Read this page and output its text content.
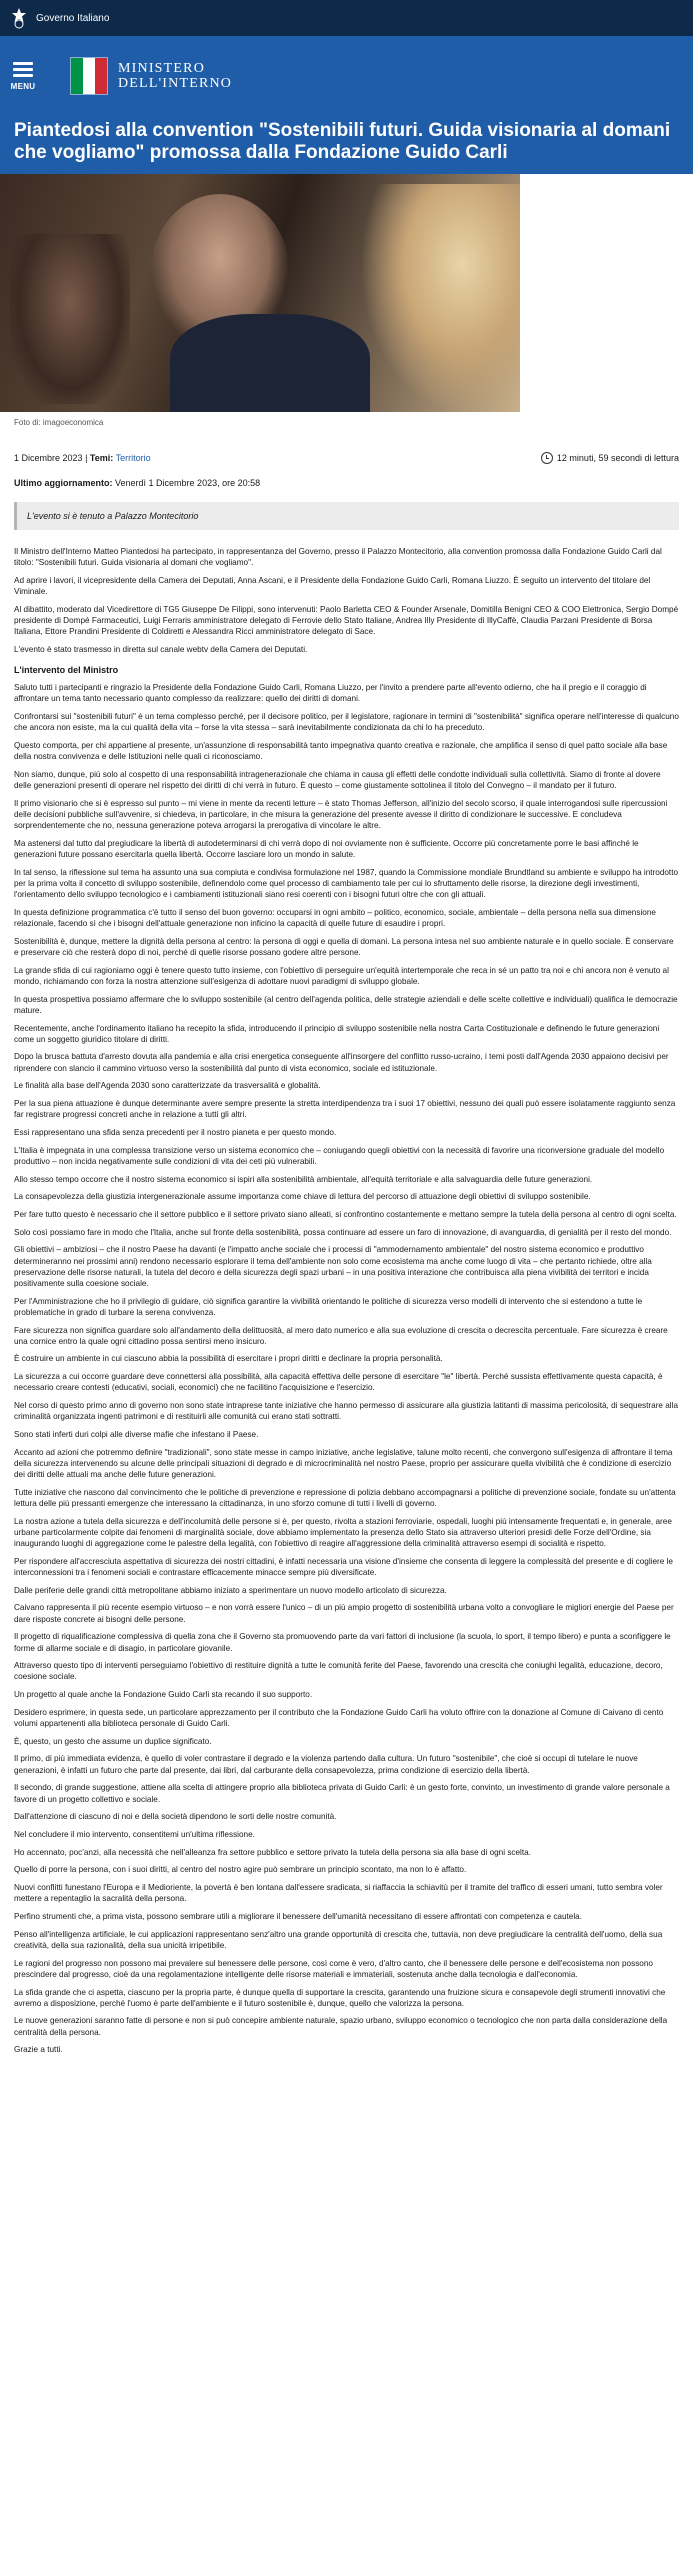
Governo Italiano
MENU
MINISTERO
DELL'INTERNO
Piantedosi alla convention "Sostenibili futuri. Guida visionaria al domani che vogliamo" promossa dalla Fondazione Guido Carli
Foto di: imagoeconomica
1 Dicembre 2023 | Temi: Territorio	12 minuti, 59 secondi di lettura
Ultimo aggiornamento: Venerdì 1 Dicembre 2023, ore 20:58
L'evento si è tenuto a Palazzo Montecitorio

Il Ministro dell'Interno Matteo Piantedosi ha partecipato, in rappresentanza del Governo, presso il Palazzo Montecitorio, alla convention promossa dalla Fondazione Guido Carli dal titolo: "Sostenibili futuri. Guida visionaria al domani che vogliamo".

Ad aprire i lavori, il vicepresidente della Camera dei Deputati, Anna Ascani, e il Presidente della Fondazione Guido Carli, Romana Liuzzo. È seguito un intervento del titolare del Viminale.

Al dibattito, moderato dal Vicedirettore di TG5 Giuseppe De Filippi, sono intervenuti: Paolo Barletta CEO & Founder Arsenale, Domitilla Benigni CEO & COO Elettronica, Sergio Dompé presidente di Dompé Farmaceutici, Luigi Ferraris amministratore delegato di Ferrovie dello Stato Italiane, Andrea Illy Presidente di IllyCaffè, Claudia Parzani Presidente di Borsa Italiana, Ettore Prandini Presidente di Coldiretti e Alessandra Ricci amministratore delegato di Sace.

L'evento è stato trasmesso in diretta sul canale webtv della Camera dei Deputati.

L'intervento del Ministro

Saluto tutti i partecipanti e ringrazio la Presidente della Fondazione Guido Carli, Romana Liuzzo, per l'invito a prendere parte all'evento odierno, che ha il pregio e il coraggio di affrontare un tema tanto necessario quanto complesso da realizzare: quello dei diritti di domani.

Confrontarsi sui "sostenibili futuri" è un tema complesso perché, per il decisore politico, per il legislatore, ragionare in termini di "sostenibilità" significa operare nell'interesse di qualcuno che ancora non esiste, ma la cui qualità della vita – forse la vita stessa – sarà inevitabilmente condizionata da chi lo ha preceduto.

Questo comporta, per chi appartiene al presente, un'assunzione di responsabilità tanto impegnativa quanto creativa e razionale, che amplifica il senso di quel patto sociale alla base della nostra convivenza e delle Istituzioni nelle quali ci riconosciamo.

Non siamo, dunque, più solo al cospetto di una responsabilità intragenerazionale che chiama in causa gli effetti delle condotte individuali sulla collettività. Siamo di fronte al dovere delle generazioni presenti di operare nel rispetto dei diritti di chi verrà in futuro. È questo – come giustamente sottolinea il titolo del Convegno – il mandato per il futuro.

Il primo visionario che si è espresso sul punto – mi viene in mente da recenti letture – è stato Thomas Jefferson, all'inizio del secolo scorso, il quale interrogandosi sulle ripercussioni delle decisioni pubbliche sull'avvenire, si chiedeva, in particolare, in che misura la generazione del presente avesse il diritto di condizionare le successive. E concludeva sorprendentemente che no, nessuna generazione poteva arrogarsi la prerogativa di vincolare le altre.

Ma astenersi dal tutto dal pregiudicare la libertà di autodeterminarsi di chi verrà dopo di noi ovviamente non è sufficiente. Occorre più concretamente porre le basi affinché le generazioni future possano esercitarla quella libertà. Occorre lasciare loro un mondo in salute.

In tal senso, la riflessione sul tema ha assunto una sua compiuta e condivisa formulazione nel 1987, quando la Commissione mondiale Brundtland su ambiente e sviluppo ha introdotto per la prima volta il concetto di sviluppo sostenibile, definendolo come quel processo di cambiamento tale per cui lo sfruttamento delle risorse, la direzione degli investimenti, l'orientamento dello sviluppo tecnologico e i cambiamenti istituzionali siano resi coerenti con i bisogni futuri oltre che con gli attuali.

In questa definizione programmatica c'è tutto il senso del buon governo: occuparsi in ogni ambito – politico, economico, sociale, ambientale – della persona nella sua dimensione relazionale, facendo sì che i bisogni dell'attuale generazione non inficino la capacità di quelle future di esaudire i propri.

Sostenibilità è, dunque, mettere la dignità della persona al centro: la persona di oggi e quella di domani. La persona intesa nel suo ambiente naturale e in quello sociale. È conservare e preservare ciò che resterà dopo di noi, perché di quelle risorse possano godere altre persone.

La grande sfida di cui ragioniamo oggi è tenere questo tutto insieme, con l'obiettivo di perseguire un'equità intertemporale che reca in sé un patto tra noi e chi ancora non è venuto al mondo, richiamando con forza la nostra attenzione sull'esigenza di adottare nuovi paradigmi di sviluppo globale.

In questa prospettiva possiamo affermare che lo sviluppo sostenibile (al centro dell'agenda politica, delle strategie aziendali e delle scelte collettive e individuali) qualifica le democrazie mature.

Recentemente, anche l'ordinamento italiano ha recepito la sfida, introducendo il principio di sviluppo sostenibile nella nostra Carta Costituzionale e definendo le future generazioni come un soggetto giuridico titolare di diritti.

Dopo la brusca battuta d'arresto dovuta alla pandemia e alla crisi energetica conseguente all'insorgere del conflitto russo-ucraino, i temi posti dall'Agenda 2030 appaiono decisivi per riprendere con slancio il cammino virtuoso verso la sostenibilità dal punto di vista economico, sociale ed istituzionale.

Le finalità alla base dell'Agenda 2030 sono caratterizzate da trasversalità e globalità.

Per la sua piena attuazione è dunque determinante avere sempre presente la stretta interdipendenza tra i suoi 17 obiettivi, nessuno dei quali può essere isolatamente raggiunto senza far registrare progressi concreti anche in relazione a tutti gli altri.

Essi rappresentano una sfida senza precedenti per il nostro pianeta e per questo mondo.

L'Italia è impegnata in una complessa transizione verso un sistema economico che – coniugando quegli obiettivi con la necessità di favorire una riconversione graduale del modello produttivo – non incida negativamente sulle condizioni di vita dei ceti più vulnerabili.

Allo stesso tempo occorre che il nostro sistema economico si ispiri alla sostenibilità ambientale, all'equità territoriale e alla salvaguardia delle future generazioni.

La consapevolezza della giustizia intergenerazionale assume importanza come chiave di lettura del percorso di attuazione degli obiettivi di sviluppo sostenibile.

Per fare tutto questo è necessario che il settore pubblico e il settore privato siano alleati, si confrontino costantemente e mettano sempre la tutela della persona al centro di ogni scelta.

Solo così possiamo fare in modo che l'Italia, anche sul fronte della sostenibilità, possa continuare ad essere un faro di innovazione, di avanguardia, di genialità per il resto del mondo.

Gli obiettivi – ambiziosi – che il nostro Paese ha davanti (e l'impatto anche sociale che i processi di "ammodernamento ambientale" del nostro sistema economico e produttivo determineranno nei prossimi anni) rendono necessario esplorare il tema dell'ambiente non solo come ecosistema ma anche come luogo di vita – che pertanto richiede, oltre alla preservazione delle risorse naturali, la tutela del decoro e della sicurezza degli spazi urbani – in una positiva interazione che contribuisca alla piena vivibilità dei territori e incida positivamente sulla coesione sociale.

Per l'Amministrazione che ho il privilegio di guidare, ciò significa garantire la vivibilità orientando le politiche di sicurezza verso modelli di intervento che si estendono a tutte le problematiche in grado di turbare la serena convivenza.

Fare sicurezza non significa guardare solo all'andamento della delittuosità, al mero dato numerico e alla sua evoluzione di crescita o decrescita percentuale. Fare sicurezza è creare una cornice entro la quale ogni cittadino possa sentirsi meno insicuro.

È costruire un ambiente in cui ciascuno abbia la possibilità di esercitare i propri diritti e declinare la propria personalità.

La sicurezza a cui occorre guardare deve connettersi alla possibilità, alla capacità effettiva delle persone di esercitare "le" libertà. Perché sussista effettivamente questa capacità, è necessario creare contesti (educativi, sociali, economici) che ne facilitino l'acquisizione e l'esercizio.

Nel corso di questo primo anno di governo non sono state intraprese tante iniziative che hanno permesso di assicurare alla giustizia latitanti di massima pericolosità, di sequestrare alla criminalità organizzata ingenti patrimoni e di restituirli alle comunità cui erano stati sottratti.

Sono stati inferti duri colpi alle diverse mafie che infestano il Paese.

Accanto ad azioni che potremmo definire "tradizionali", sono state messe in campo iniziative, anche legislative, talune molto recenti, che convergono sull'esigenza di affrontare il tema della sicurezza intervenendo su alcune delle principali situazioni di degrado e di microcriminalità nel nostro Paese, proprio per assicurare quella vivibilità che è condizione di esercizio dei diritti delle attuali ma anche delle future generazioni.

Tutte iniziative che nascono dal convincimento che le politiche di prevenzione e repressione di polizia debbano accompagnarsi a politiche di prevenzione sociale, fondate su un'attenta lettura delle più pressanti emergenze che interessano la cittadinanza, in uno sforzo comune di tutti i livelli di governo.

La nostra azione a tutela della sicurezza e dell'incolumità delle persone si è, per questo, rivolta a stazioni ferroviarie, ospedali, luoghi più intensamente frequentati e, in generale, aree urbane particolarmente colpite dai fenomeni di marginalità sociale, dove abbiamo implementato la presenza dello Stato sia attraverso ulteriori presidi delle Forze dell'Ordine, sia inaugurando luoghi di aggregazione come le palestre della legalità, con l'obiettivo di reagire all'aggressione della criminalità attraverso esempi di socialità e rispetto.

Per rispondere all'accresciuta aspettativa di sicurezza dei nostri cittadini, è infatti necessaria una visione d'insieme che consenta di leggere la complessità del presente e di cogliere le interconnessioni tra i fenomeni sociali e contrastare efficacemente minacce sempre più diversificate.

Dalle periferie delle grandi città metropolitane abbiamo iniziato a sperimentare un nuovo modello articolato di sicurezza.

Caivano rappresenta il più recente esempio virtuoso – e non vorrà essere l'unico – di un più ampio progetto di sostenibilità urbana volto a convogliare le migliori energie del Paese per dare risposte concrete ai bisogni delle persone.

Il progetto di riqualificazione complessiva di quella zona che il Governo sta promuovendo parte da vari fattori di inclusione (la scuola, lo sport, il tempo libero) e punta a sconfiggere le forme di allarme sociale e di disagio, in particolare giovanile.

Attraverso questo tipo di interventi perseguiamo l'obiettivo di restituire dignità a tutte le comunità ferite del Paese, favorendo una crescita che coniughi legalità, educazione, decoro, coesione sociale.

Un progetto al quale anche la Fondazione Guido Carli sta recando il suo supporto.

Desidero esprimere, in questa sede, un particolare apprezzamento per il contributo che la Fondazione Guido Carli ha voluto offrire con la donazione al Comune di Caivano di cento volumi appartenenti alla biblioteca personale di Guido Carli.

È, questo, un gesto che assume un duplice significato.

Il primo, di più immediata evidenza, è quello di voler contrastare il degrado e la violenza partendo dalla cultura. Un futuro "sostenibile", che cioè si occupi di tutelare le nuove generazioni, è infatti un futuro che parte dal presente, dai libri, dal carburante della consapevolezza, prima condizione di esercizio della libertà.

Il secondo, di grande suggestione, attiene alla scelta di attingere proprio alla biblioteca privata di Guido Carli: è un gesto forte, convinto, un investimento di grande valore personale a favore di un progetto collettivo e sociale.

Dall'attenzione di ciascuno di noi e della società dipendono le sorti delle nostre comunità.

Nel concludere il mio intervento, consentitemi un'ultima riflessione.

Ho accennato, poc'anzi, alla necessità che nell'alleanza fra settore pubblico e settore privato la tutela della persona sia alla base di ogni scelta.

Quello di porre la persona, con i suoi diritti, al centro del nostro agire può sembrare un principio scontato, ma non lo è affatto.

Nuovi conflitti funestano l'Europa e il Medioriente, la povertà è ben lontana dall'essere sradicata, si riaffaccia la schiavitù per il tramite del traffico di esseri umani, tutto sembra voler mettere a repentaglio la sacralità della persona.

Perfino strumenti che, a prima vista, possono sembrare utili a migliorare il benessere dell'umanità necessitano di essere affrontati con competenza e cautela.

Penso all'intelligenza artificiale, le cui applicazioni rappresentano senz'altro una grande opportunità di crescita che, tuttavia, non deve pregiudicare la centralità dell'uomo, della sua creatività, della sua razionalità, della sua unicità irripetibile.

Le ragioni del progresso non possono mai prevalere sul benessere delle persone, così come è vero, d'altro canto, che il benessere delle persone e dell'ecosistema non possono prescindere dal progresso, cioè da una regolamentazione intelligente delle risorse materiali e immateriali, sostenuta anche dalla tecnologia e dall'economia.

La sfida grande che ci aspetta, ciascuno per la propria parte, è dunque quella di supportare la crescita, garantendo una fruizione sicura e consapevole degli strumenti innovativi che avremo a disposizione, perché l'uomo è parte dell'ambiente e il futuro sostenibile è, dunque, quello che valorizza la persona.

Le nuove generazioni saranno fatte di persone e non si può concepire ambiente naturale, spazio urbano, sviluppo economico o tecnologico che non parta dalla considerazione della centralità della persona.

Grazie a tutti.
